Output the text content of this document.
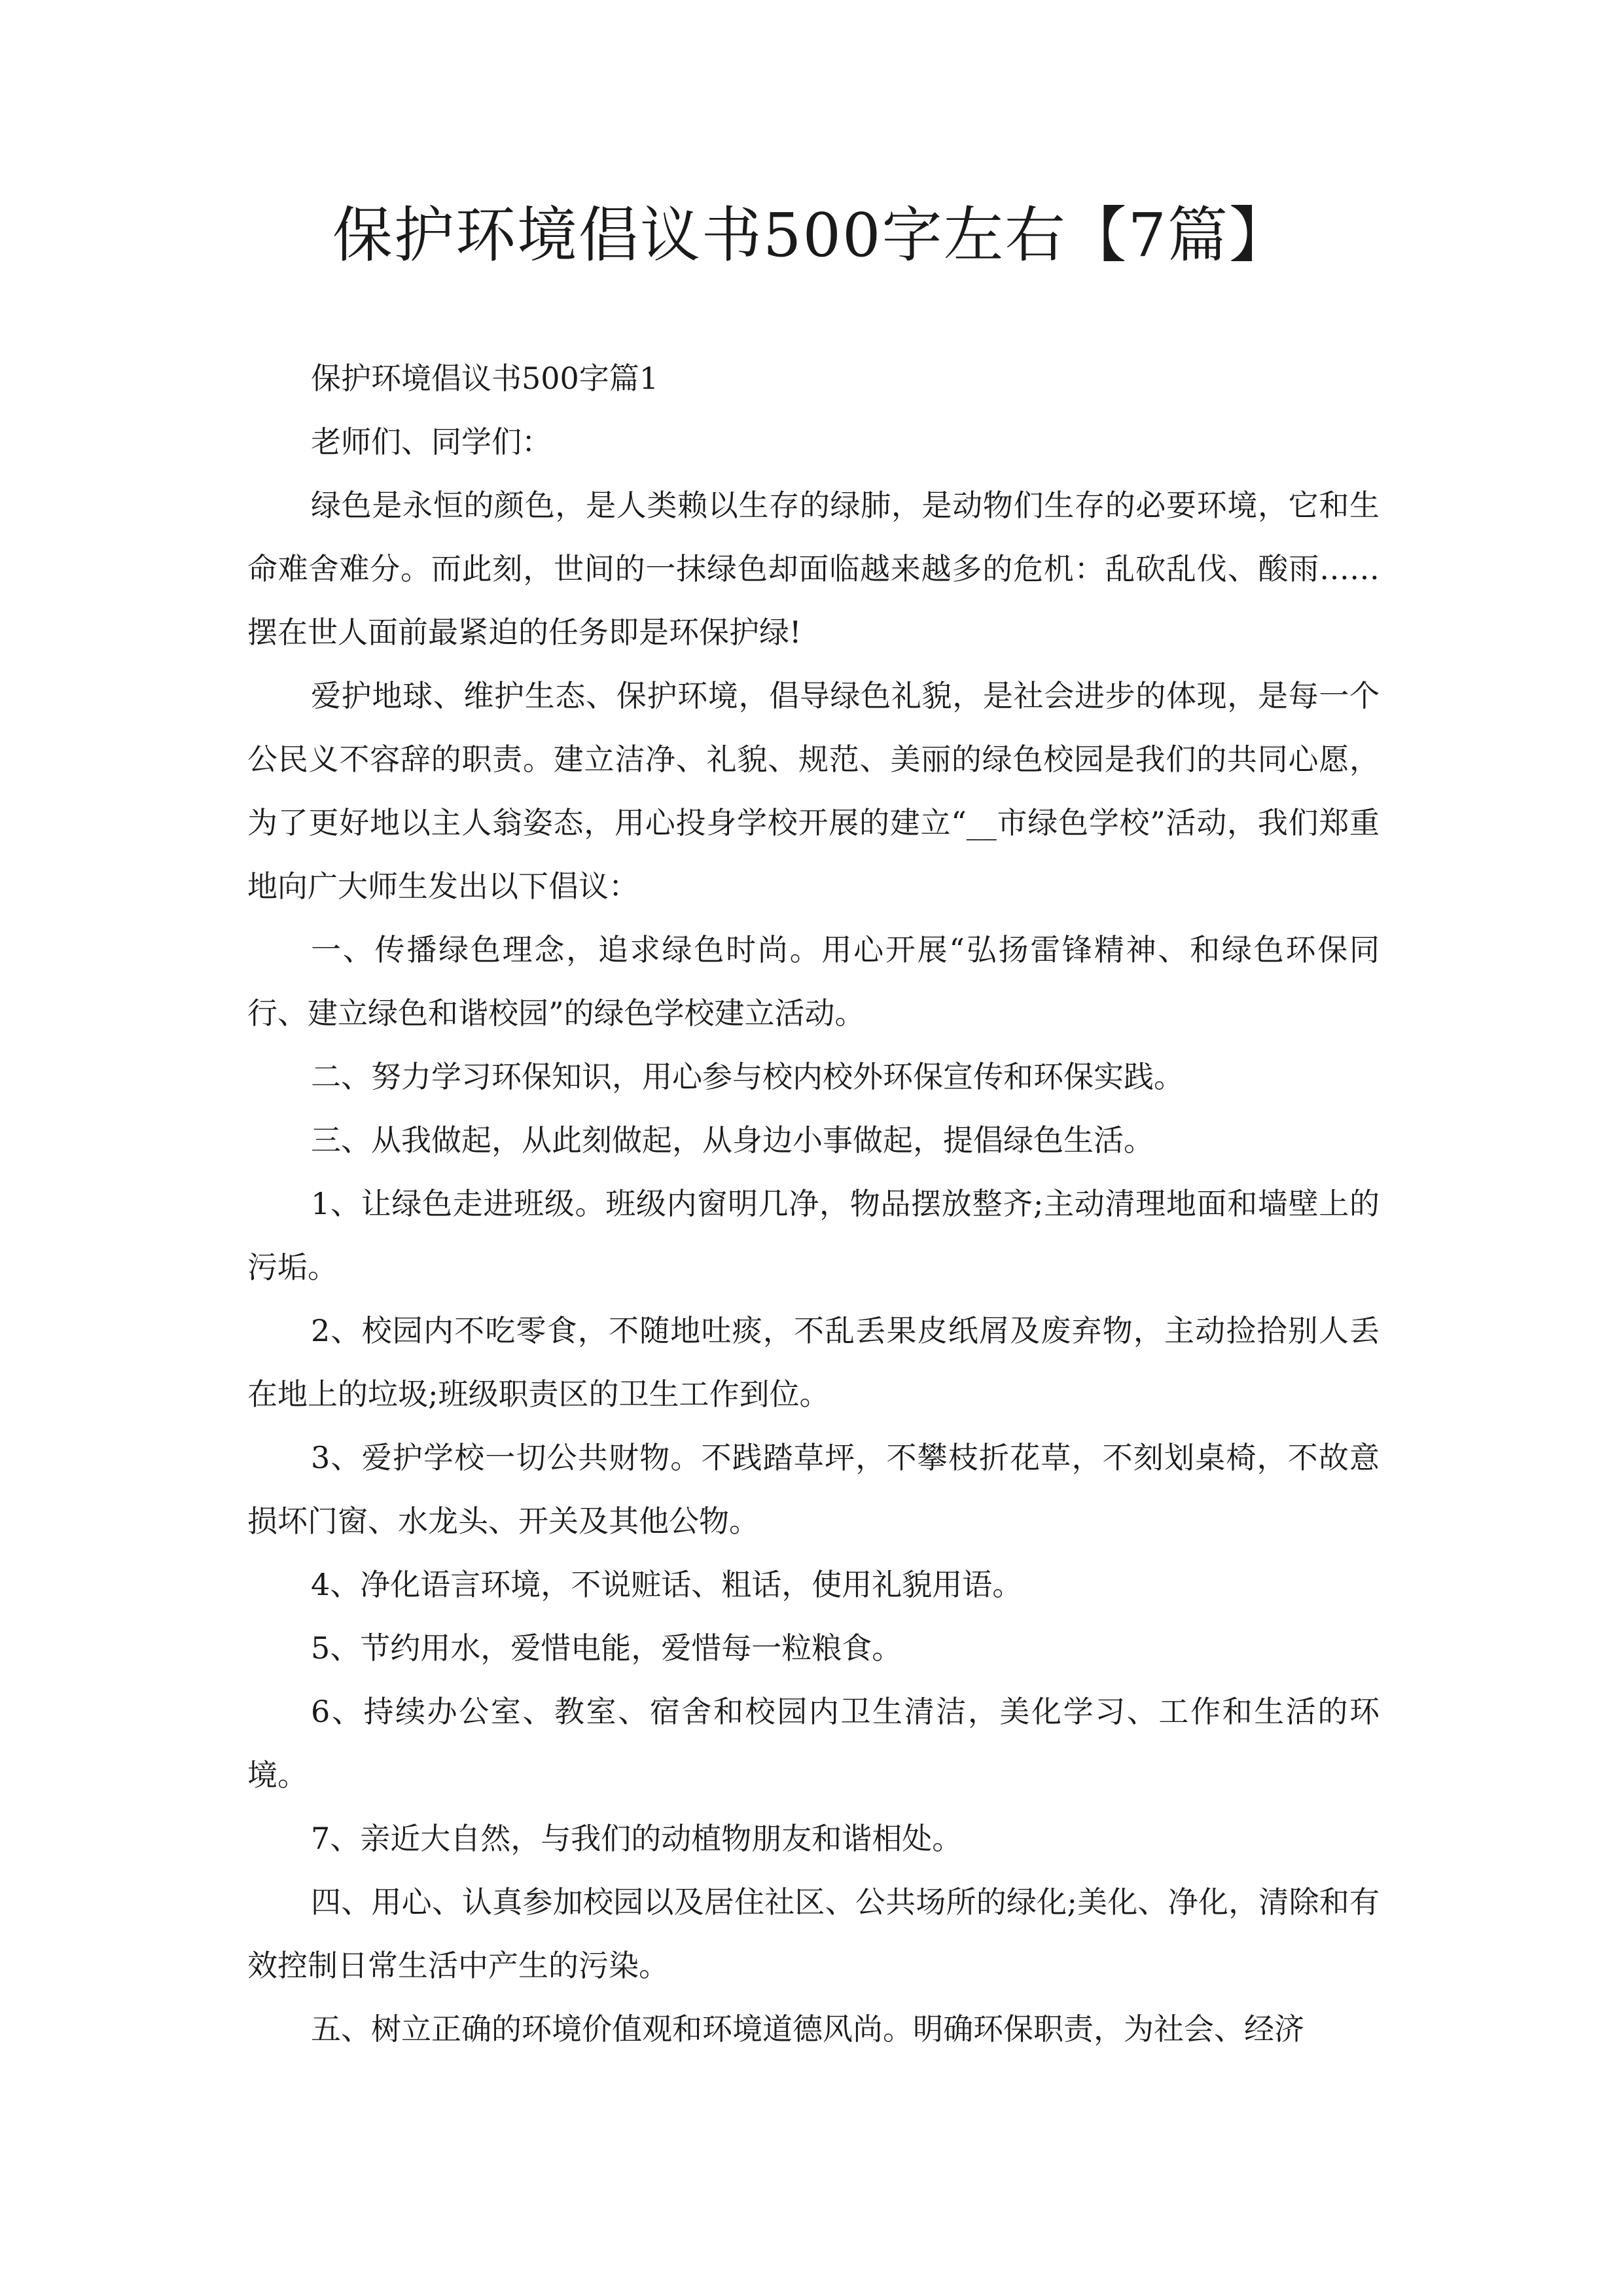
保护环境倡议书500字左右【7篇】

保护环境倡议书500字篇1

老师们、同学们：

绿色是永恒的颜色，是人类赖以生存的绿肺，是动物们生存的必要环境，它和生命难舍难分。而此刻，世间的一抹绿色却面临越来越多的危机：乱砍乱伐、酸雨……摆在世人面前最紧迫的任务即是环保护绿!

爱护地球、维护生态、保护环境，倡导绿色礼貌，是社会进步的体现，是每一个公民义不容辞的职责。建立洁净、礼貌、规范、美丽的绿色校园是我们的共同心愿，为了更好地以主人翁姿态，用心投身学校开展的建立“__市绿色学校”活动，我们郑重地向广大师生发出以下倡议：

一、传播绿色理念，追求绿色时尚。用心开展“弘扬雷锋精神、和绿色环保同行、建立绿色和谐校园”的绿色学校建立活动。

二、努力学习环保知识，用心参与校内校外环保宣传和环保实践。

三、从我做起，从此刻做起，从身边小事做起，提倡绿色生活。

1、让绿色走进班级。班级内窗明几净，物品摆放整齐;主动清理地面和墙壁上的污垢。

2、校园内不吃零食，不随地吐痰，不乱丢果皮纸屑及废弃物，主动捡拾别人丢在地上的垃圾;班级职责区的卫生工作到位。

3、爱护学校一切公共财物。不践踏草坪，不攀枝折花草，不刻划桌椅，不故意损坏门窗、水龙头、开关及其他公物。

4、净化语言环境，不说赃话、粗话，使用礼貌用语。

5、节约用水，爱惜电能，爱惜每一粒粮食。

6、持续办公室、教室、宿舍和校园内卫生清洁，美化学习、工作和生活的环境。

7、亲近大自然，与我们的动植物朋友和谐相处。

四、用心、认真参加校园以及居住社区、公共场所的绿化;美化、净化，清除和有效控制日常生活中产生的污染。

五、树立正确的环境价值观和环境道德风尚。明确环保职责，为社会、经济
